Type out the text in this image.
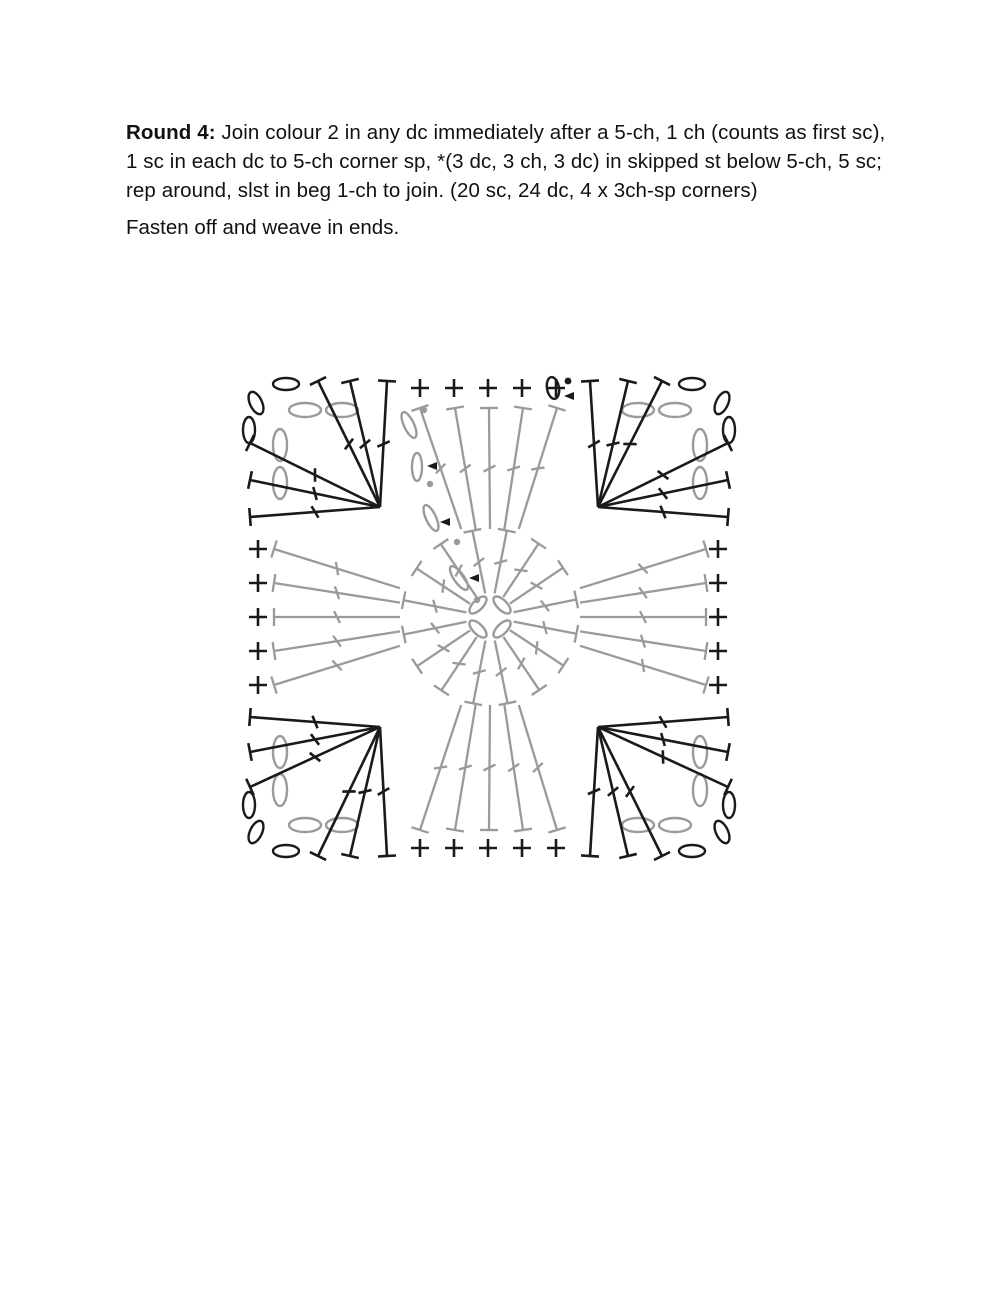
Round 4: Join colour 2 in any dc immediately after a 5-ch, 1 ch (counts as first sc), 1 sc in each dc to 5-ch corner sp, *(3 dc, 3 ch, 3 dc) in skipped st below 5-ch, 5 sc; rep around, slst in beg 1-ch to join. (20 sc, 24 dc, 4 x 3ch-sp corners)

Fasten off and weave in ends.
